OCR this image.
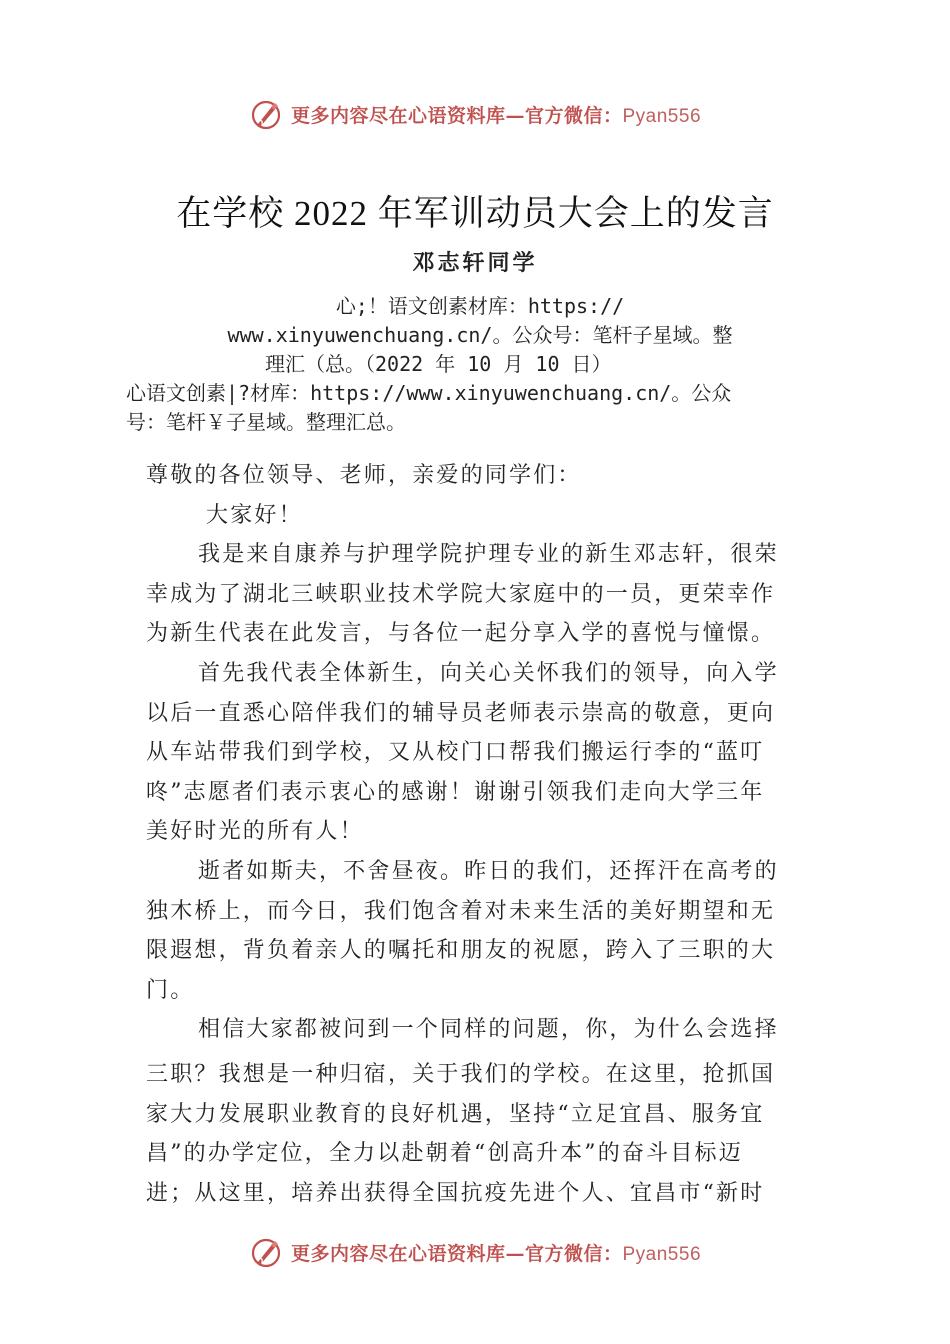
更多内容尽在心语资料库—官方微信：Pyan556
在学校 2022 年军训动员大会上的发言
邓志轩同学
心;！语文创素材库：https://
www.xinyuwenchuang.cn/。公众号：笔杆子星域。整
理汇（总。（2022 年 10 月 10 日）
心语文创素|?材库：https://www.xinyuwenchuang.cn/。公众
号：笔杆￥子星域。整理汇总。
尊敬的各位领导、老师，亲爱的同学们：
大家好！
我是来自康养与护理学院护理专业的新生邓志轩，很荣
幸成为了湖北三峡职业技术学院大家庭中的一员，更荣幸作
为新生代表在此发言，与各位一起分享入学的喜悦与憧憬。
首先我代表全体新生，向关心关怀我们的领导，向入学
以后一直悉心陪伴我们的辅导员老师表示崇高的敬意，更向
从车站带我们到学校，又从校门口帮我们搬运行李的“蓝叮
咚”志愿者们表示衷心的感谢！谢谢引领我们走向大学三年
美好时光的所有人！
逝者如斯夫，不舍昼夜。昨日的我们，还挥汗在高考的
独木桥上，而今日，我们饱含着对未来生活的美好期望和无
限遐想，背负着亲人的嘱托和朋友的祝愿，跨入了三职的大
门。
相信大家都被问到一个同样的问题，你，为什么会选择
三职？我想是一种归宿，关于我们的学校。在这里，抢抓国
家大力发展职业教育的良好机遇，坚持“立足宜昌、服务宜
昌”的办学定位，全力以赴朝着“创高升本”的奋斗目标迈
进；从这里，培养出获得全国抗疫先进个人、宜昌市“新时
更多内容尽在心语资料库—官方微信：Pyan556
